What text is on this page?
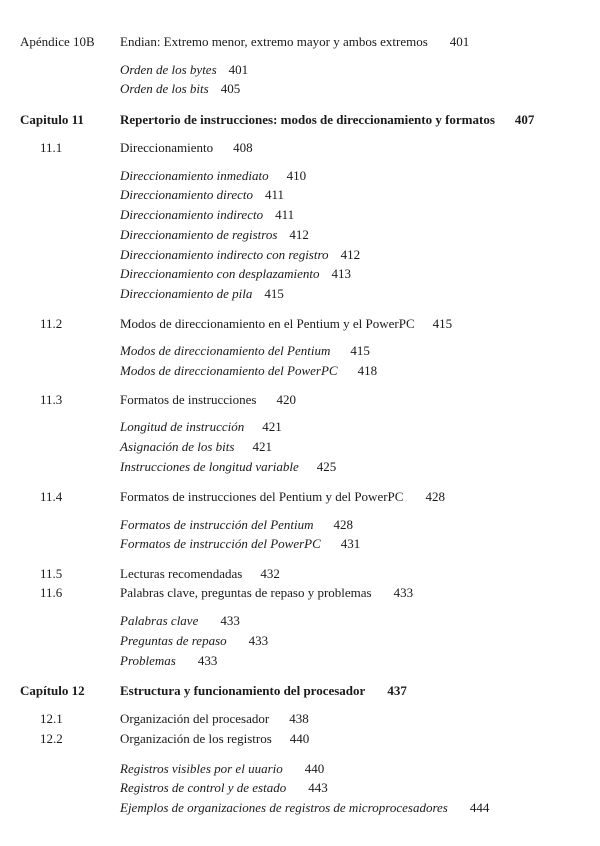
Apéndice 10B Endian: Extremo menor, extremo mayor y ambos extremos 401
Orden de los bytes 401
Orden de los bits 405
Capitulo 11	Repertorio de instrucciones: modos de direccionamiento y formatos 407
11.1	Direccionamiento 408
Direccionamiento inmediato 410
Direccionamiento directo 411
Direccionamiento indirecto 411
Direccionamiento de registros 412
Direccionamiento indirecto con registro 412
Direccionamiento con desplazamiento 413
Direccionamiento de pila 415
11.2	Modos de direccionamiento en el Pentium y el PowerPC 415
Modos de direccionamiento del Pentium 415
Modos de direccionamiento del PowerPC 418
11.3	Formatos de instrucciones 420
Longitud de instrucción 421
Asignación de los bits 421
Instrucciones de longitud variable 425
11.4	Formatos de instrucciones del Pentium y del PowerPC 428
Formatos de instrucción del Pentium 428
Formatos de instrucción del PowerPC 431
11.5	Lecturas recomendadas 432
11.6	Palabras clave, preguntas de repaso y problemas 433
Palabras clave 433
Preguntas de repaso 433
Problemas 433
Capítulo 12	Estructura y funcionamiento del procesador 437
12.1	Organización del procesador 438
12.2	Organización de los registros 440
Registros visibles por el uuario 440
Registros de control y de estado 443
Ejemplos de organizaciones de registros de microprocesadores 444
